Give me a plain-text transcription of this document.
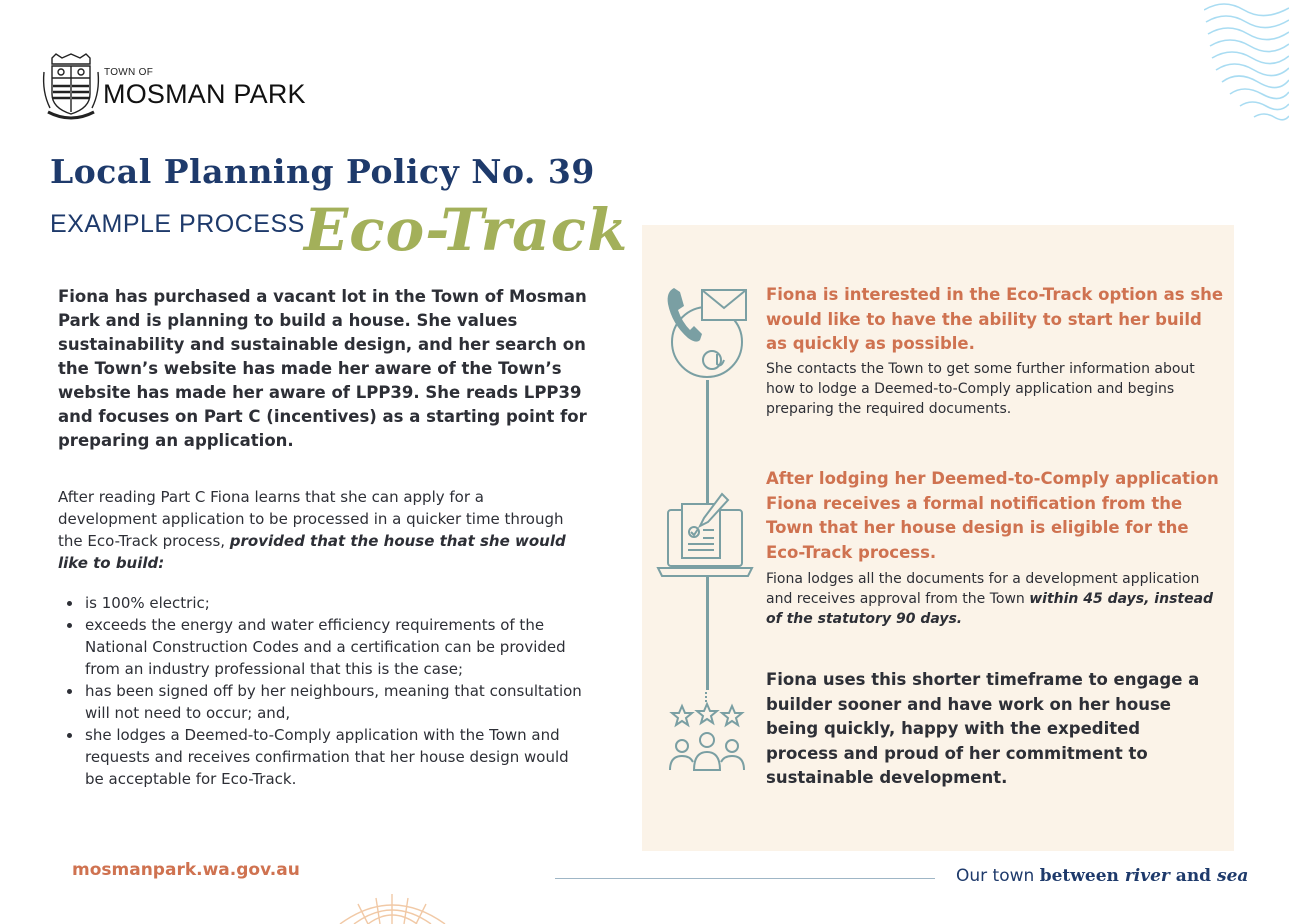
TOWN OF
MOSMAN PARK
Local Planning Policy No. 39
EXAMPLE PROCESS Eco-Track

Fiona has purchased a vacant lot in the Town of Mosman Park and is planning to build a house. She values sustainability and sustainable design, and her search on the Town’s website has made her aware of the Town’s website has made her aware of LPP39. She reads LPP39 and focuses on Part C (incentives) as a starting point for preparing an application.

After reading Part C Fiona learns that she can apply for a development application to be processed in a quicker time through the Eco-Track process, provided that the house that she would like to build:

is 100% electric;
exceeds the energy and water efficiency requirements of the National Construction Codes and a certification can be provided from an industry professional that this is the case;
has been signed off by her neighbours, meaning that consultation will not need to occur; and,
she lodges a Deemed-to-Comply application with the Town and requests and receives confirmation that her house design would be acceptable for Eco-Track.

Fiona is interested in the Eco-Track option as she would like to have the ability to start her build as quickly as possible.

She contacts the Town to get some further information about how to lodge a Deemed-to-Comply application and begins preparing the required documents.

After lodging her Deemed-to-Comply application Fiona receives a formal notification from the Town that her house design is eligible for the Eco-Track process.

Fiona lodges all the documents for a development application and receives approval from the Town within 45 days, instead of the statutory 90 days.

Fiona uses this shorter timeframe to engage a builder sooner and have work on her house being quickly, happy with the expedited process and proud of her commitment to sustainable development.

mosmanpark.wa.gov.au	Our town between river and sea
